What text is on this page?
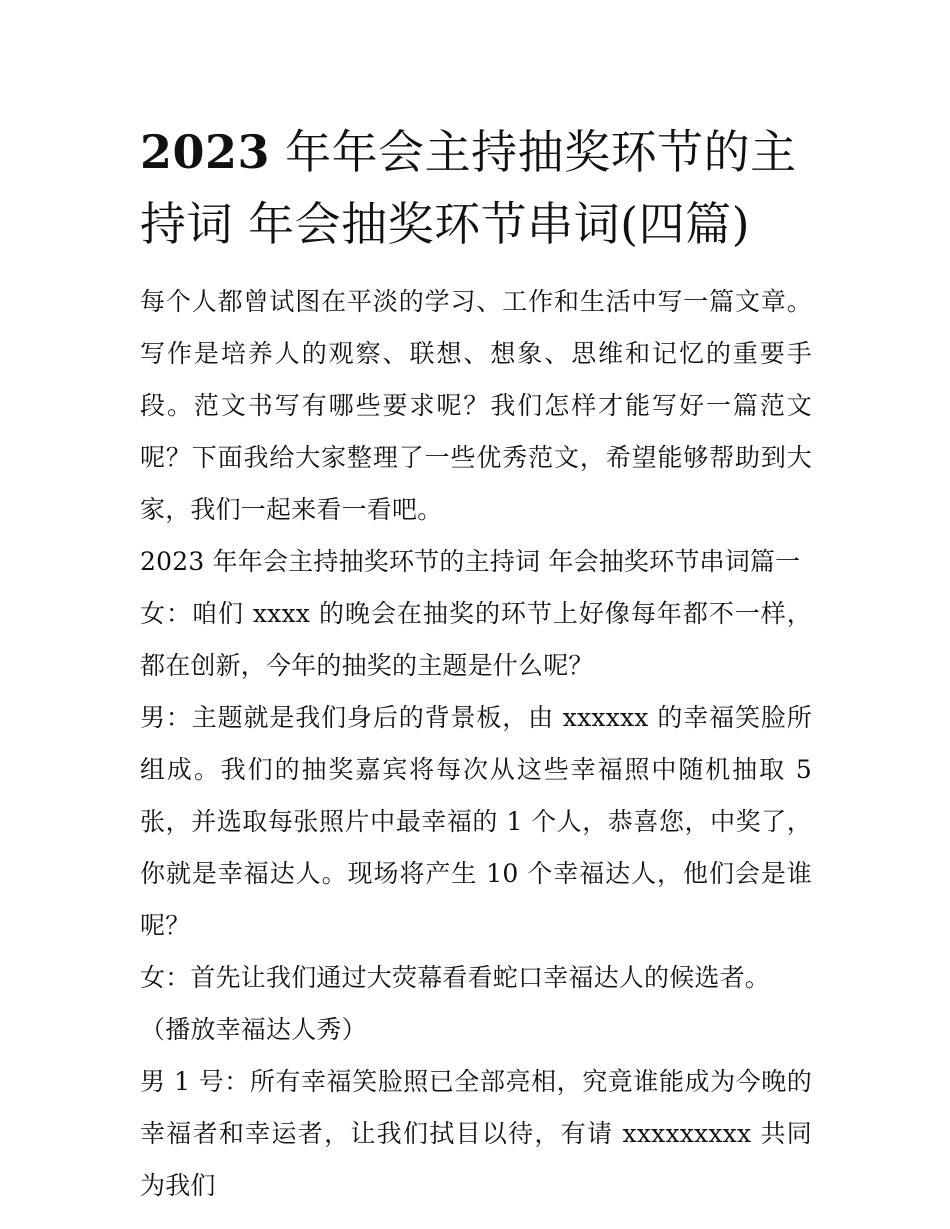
2023 年年会主持抽奖环节的主持词 年会抽奖环节串词(四篇)

每个人都曾试图在平淡的学习、工作和生活中写一篇文章。写作是培养人的观察、联想、想象、思维和记忆的重要手段。范文书写有哪些要求呢？我们怎样才能写好一篇范文呢？下面我给大家整理了一些优秀范文，希望能够帮助到大家，我们一起来看一看吧。

2023 年年会主持抽奖环节的主持词 年会抽奖环节串词篇一

女：咱们 xxxx 的晚会在抽奖的环节上好像每年都不一样，都在创新，今年的抽奖的主题是什么呢？

男：主题就是我们身后的背景板，由 xxxxxx 的幸福笑脸所组成。我们的抽奖嘉宾将每次从这些幸福照中随机抽取 5 张，并选取每张照片中最幸福的 1 个人，恭喜您，中奖了，你就是幸福达人。现场将产生 10 个幸福达人，他们会是谁呢？

女：首先让我们通过大荧幕看看蛇口幸福达人的候选者。

（播放幸福达人秀）

男 1 号：所有幸福笑脸照已全部亮相，究竟谁能成为今晚的幸福者和幸运者，让我们拭目以待，有请 xxxxxxxxx 共同为我们
